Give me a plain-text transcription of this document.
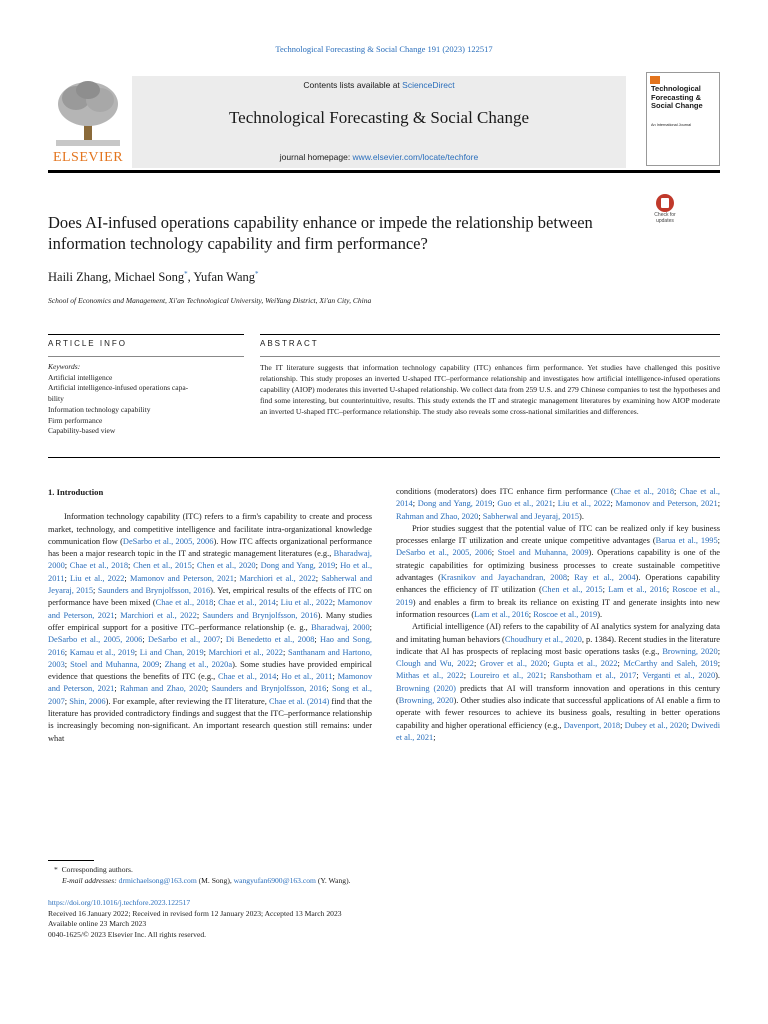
Technological Forecasting & Social Change 191 (2023) 122517
ELSEVIER
Contents lists available at ScienceDirect
Technological Forecasting & Social Change
journal homepage: www.elsevier.com/locate/techfore
Technological Forecasting & Social Change
An International Journal
Check for updates
Does AI-infused operations capability enhance or impede the relationship between information technology capability and firm performance?
Haili Zhang, Michael Song*, Yufan Wang*
School of Economics and Management, Xi'an Technological University, WeiYang District, Xi'an City, China
ARTICLE INFO	ABSTRACT
Keywords:
Artificial intelligence
Artificial intelligence-infused operations capa-
bility
Information technology capability
Firm performance
Capability-based view
The IT literature suggests that information technology capability (ITC) enhances firm performance. Yet studies have challenged this positive relationship. This study proposes an inverted U-shaped ITC–performance relationship and investigates how artificial intelligence-infused operations capability (AIOP) moderates this inverted U-shaped relationship. We collect data from 259 U.S. and 279 Chinese companies to test the hypotheses and find some interesting, but counterintuitive, results. This study extends the IT and strategic management literatures by examining how AIOP moderate an inverted U-shaped ITC–performance relationship. The study also reveals some cross-national similarities and differences.

1. Introduction

Information technology capability (ITC) refers to a firm's capability to create and process market, technology, and competitive intelligence and facilitate intra-organizational knowledge communication flow (DeSarbo et al., 2005, 2006). How ITC affects organizational performance has been a major research topic in the IT and strategic management literatures (e.g., Bharadwaj, 2000; Chae et al., 2018; Chen et al., 2015; Chen et al., 2020; Dong and Yang, 2019; Ho et al., 2011; Liu et al., 2022; Mamonov and Peterson, 2021; Marchiori et al., 2022; Sabherwal and Jeyaraj, 2015; Saunders and Brynjolfsson, 2016). Yet, empirical results of the effects of ITC on performance have been mixed (Chae et al., 2018; Chae et al., 2014; Liu et al., 2022; Mamonov and Peterson, 2021; Marchiori et al., 2022; Saunders and Brynjolfsson, 2016). Many studies offer empirical support for a positive ITC–performance relationship (e. g., Bharadwaj, 2000; DeSarbo et al., 2005, 2006; DeSarbo et al., 2007; Di Benedetto et al., 2008; Hao and Song, 2016; Kamau et al., 2019; Li and Chan, 2019; Marchiori et al., 2022; Santhanam and Hartono, 2003; Stoel and Muhanna, 2009; Zhang et al., 2020a). Some studies have provided empirical evidence that questions the benefits of ITC (e.g., Chae et al., 2014; Ho et al., 2011; Mamonov and Peterson, 2021; Rahman and Zhao, 2020; Saunders and Brynjolfsson, 2016; Song et al., 2007; Shin, 2006). For example, after reviewing the IT literature, Chae et al. (2014) find that the literature has provided contradictory findings and suggest that the ITC–performance relationship is increasingly becoming non-significant. An important research question still remains: under what

conditions (moderators) does ITC enhance firm performance (Chae et al., 2018; Chae et al., 2014; Dong and Yang, 2019; Guo et al., 2021; Liu et al., 2022; Mamonov and Peterson, 2021; Rahman and Zhao, 2020; Sabherwal and Jeyaraj, 2015).

Prior studies suggest that the potential value of ITC can be realized only if key business processes enlarge IT utilization and create unique competitive advantages (Barua et al., 1995; DeSarbo et al., 2005, 2006; Stoel and Muhanna, 2009). Operations capability is one of the strategic capabilities for optimizing business processes to create sustainable competitive advantages (Krasnikov and Jayachandran, 2008; Ray et al., 2004). Operations capability enhances the efficiency of IT utilization (Chen et al., 2015; Lam et al., 2016; Roscoe et al., 2019) and enables a firm to break its reliance on existing IT and generate insights into new information resources (Lam et al., 2016; Roscoe et al., 2019).

Artificial intelligence (AI) refers to the capability of AI analytics system for analyzing data and imitating human behaviors (Choudhury et al., 2020, p. 1384). Recent studies in the literature indicate that AI has prospects of replacing most basic operations tasks (e.g., Browning, 2020; Clough and Wu, 2022; Grover et al., 2020; Gupta et al., 2022; McCarthy and Saleh, 2019; Mithas et al., 2022; Loureiro et al., 2021; Ransbotham et al., 2017; Verganti et al., 2020). Browning (2020) predicts that AI will transform innovation and operations in this century (Browning, 2020). Other studies also indicate that successful applications of AI enable a firm to operate with fewer resources to achieve its business goals, resulting in better operations capability and higher operational efficiency (e.g., Davenport, 2018; Dubey et al., 2020; Dwivedi et al., 2021;

* Corresponding authors.
E-mail addresses: drmichaelsong@163.com (M. Song), wangyufan6900@163.com (Y. Wang).
https://doi.org/10.1016/j.techfore.2023.122517
Received 16 January 2022; Received in revised form 12 January 2023; Accepted 13 March 2023
Available online 23 March 2023
0040-1625/© 2023 Elsevier Inc. All rights reserved.
